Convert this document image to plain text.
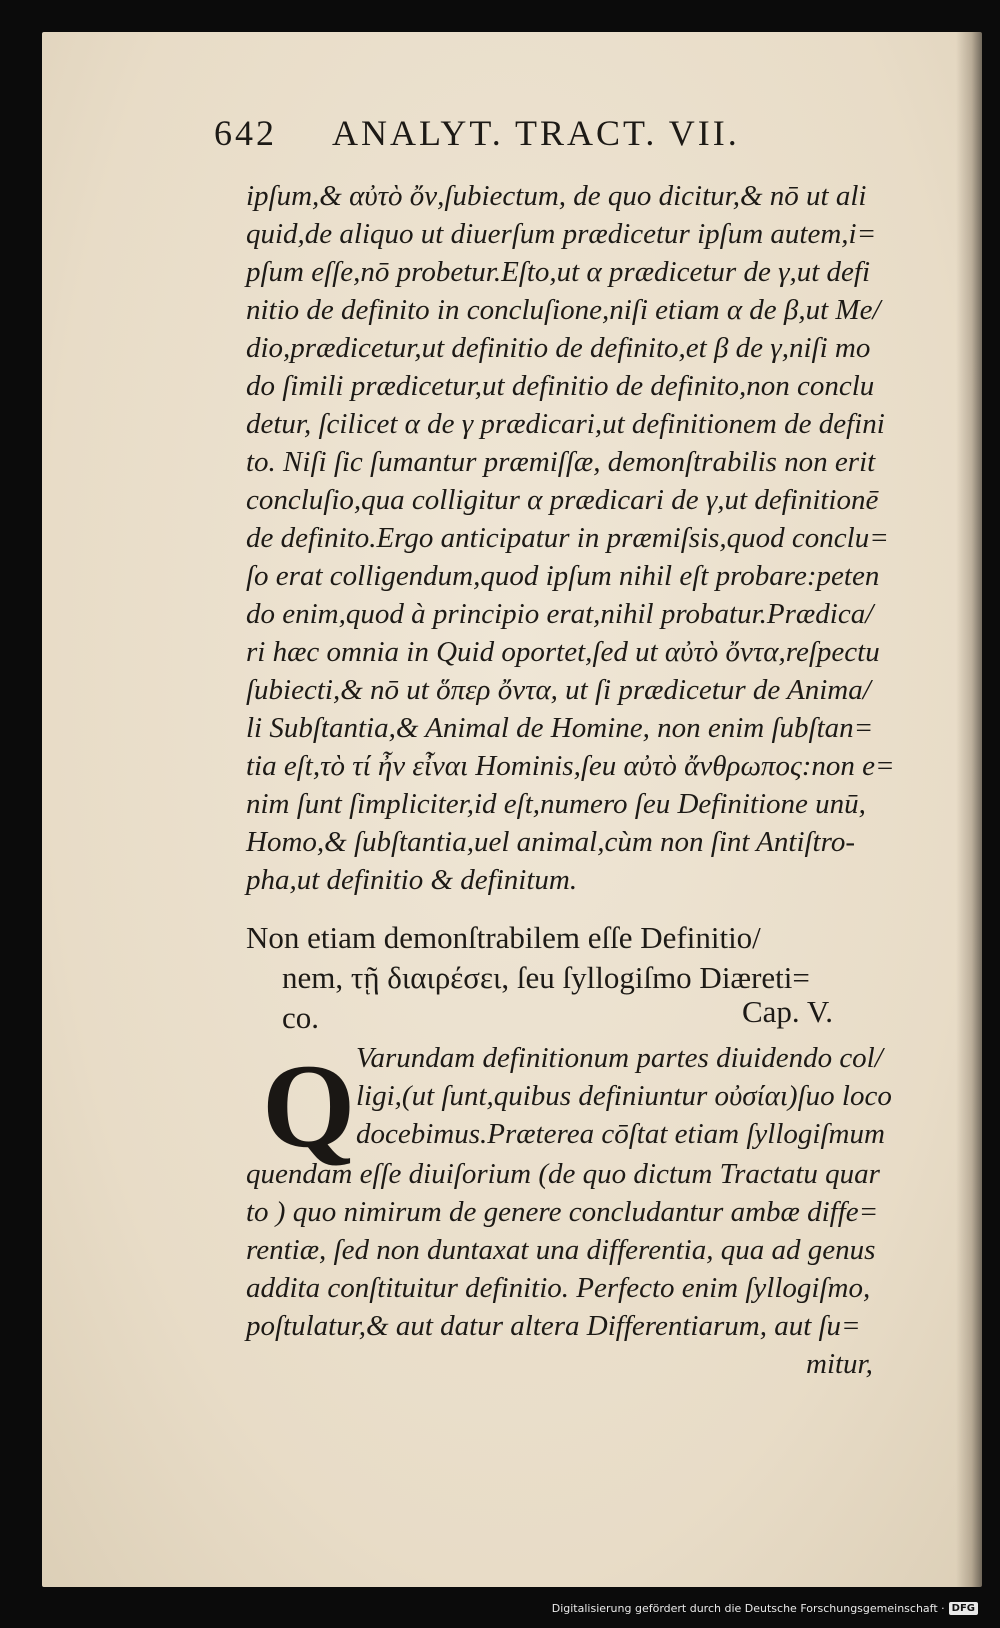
642 ANALYT. TRACT. VII.
ipſum,& αὐτὸ ὄν,ſubiectum, de quo dicitur,& nō ut ali
quid,de aliquo ut diuerſum prædicetur ipſum autem,i=
pſum eſſe,nō probetur.Eſto,ut α prædicetur de γ,ut defi
nitio de definito in concluſione,niſi etiam α de β,ut Me/
dio,prædicetur,ut definitio de definito,et β de γ,niſi mo
do ſimili prædicetur,ut definitio de definito,non conclu
detur, ſcilicet α de γ prædicari,ut definitionem de defini
to. Niſi ſic ſumantur præmiſſæ, demonſtrabilis non erit
concluſio,qua colligitur α prædicari de γ,ut definitionē
de definito.Ergo anticipatur in præmiſsis,quod conclu=
ſo erat colligendum,quod ipſum nihil eſt probare:peten
do enim,quod à principio erat,nihil probatur.Prædica/
ri hæc omnia in Quid oportet,ſed ut αὐτὸ ὄντα,reſpectu
ſubiecti,& nō ut ὅπερ ὄντα, ut ſi prædicetur de Anima/
li Subſtantia,& Animal de Homine, non enim ſubſtan=
tia eſt,τὸ τί ἦν εἶναι Hominis,ſeu αὐτὸ ἄνθρωπος:non e=
nim ſunt ſimpliciter,id eſt,numero ſeu Definitione unū,
Homo,& ſubſtantia,uel animal,cùm non ſint Antiſtro-
pha,ut definitio & definitum.
Non etiam demonſtrabilem eſſe Definitio/
nem, τῇ διαιρέσει, ſeu ſyllogiſmo Diæreti=
co.	Cap. V.
Q Varundam definitionum partes diuidendo col/
ligi,(ut ſunt,quibus definiuntur οὐσίαι)ſuo loco
docebimus.Præterea cōſtat etiam ſyllogiſmum
quendam eſſe diuiſorium (de quo dictum Tractatu quar
to ) quo nimirum de genere concludantur ambæ diffe=
rentiæ, ſed non duntaxat una differentia, qua ad genus
addita conſtituitur definitio. Perfecto enim ſyllogiſmo,
poſtulatur,& aut datur altera Differentiarum, aut ſu=
mitur,
Digitalisierung gefördert durch die Deutsche Forschungsgemeinschaft · DFG
